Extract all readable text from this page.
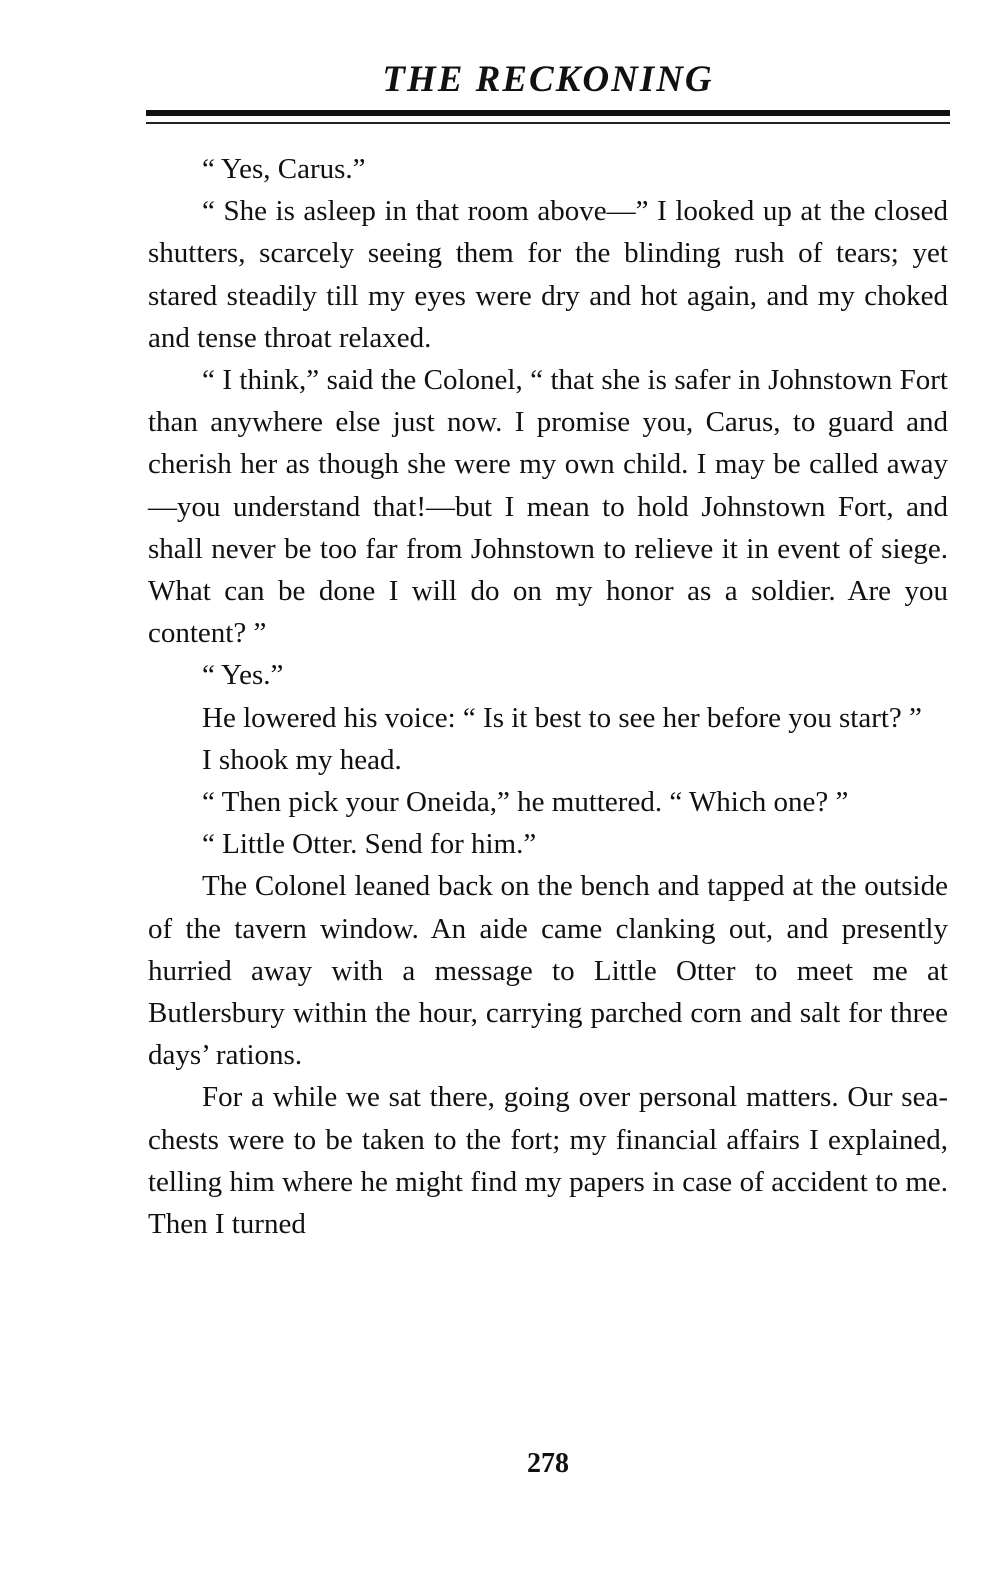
THE RECKONING

“ Yes, Carus.”

“ She is asleep in that room above—” I looked up at the closed shutters, scarcely seeing them for the blinding rush of tears; yet stared steadily till my eyes were dry and hot again, and my choked and tense throat relaxed.

“ I think,” said the Colonel, “ that she is safer in Johnstown Fort than anywhere else just now. I promise you, Carus, to guard and cherish her as though she were my own child. I may be called away—you understand that!—but I mean to hold Johnstown Fort, and shall never be too far from Johnstown to relieve it in event of siege. What can be done I will do on my honor as a soldier. Are you content? ”

“ Yes.”

He lowered his voice: “ Is it best to see her before you start? ”

I shook my head.

“ Then pick your Oneida,” he muttered. “ Which one? ”

“ Little Otter. Send for him.”

The Colonel leaned back on the bench and tapped at the outside of the tavern window. An aide came clanking out, and presently hurried away with a message to Little Otter to meet me at Butlersbury within the hour, carrying parched corn and salt for three days’ rations.

For a while we sat there, going over personal matters. Our sea-chests were to be taken to the fort; my financial affairs I explained, telling him where he might find my papers in case of accident to me. Then I turned

278
